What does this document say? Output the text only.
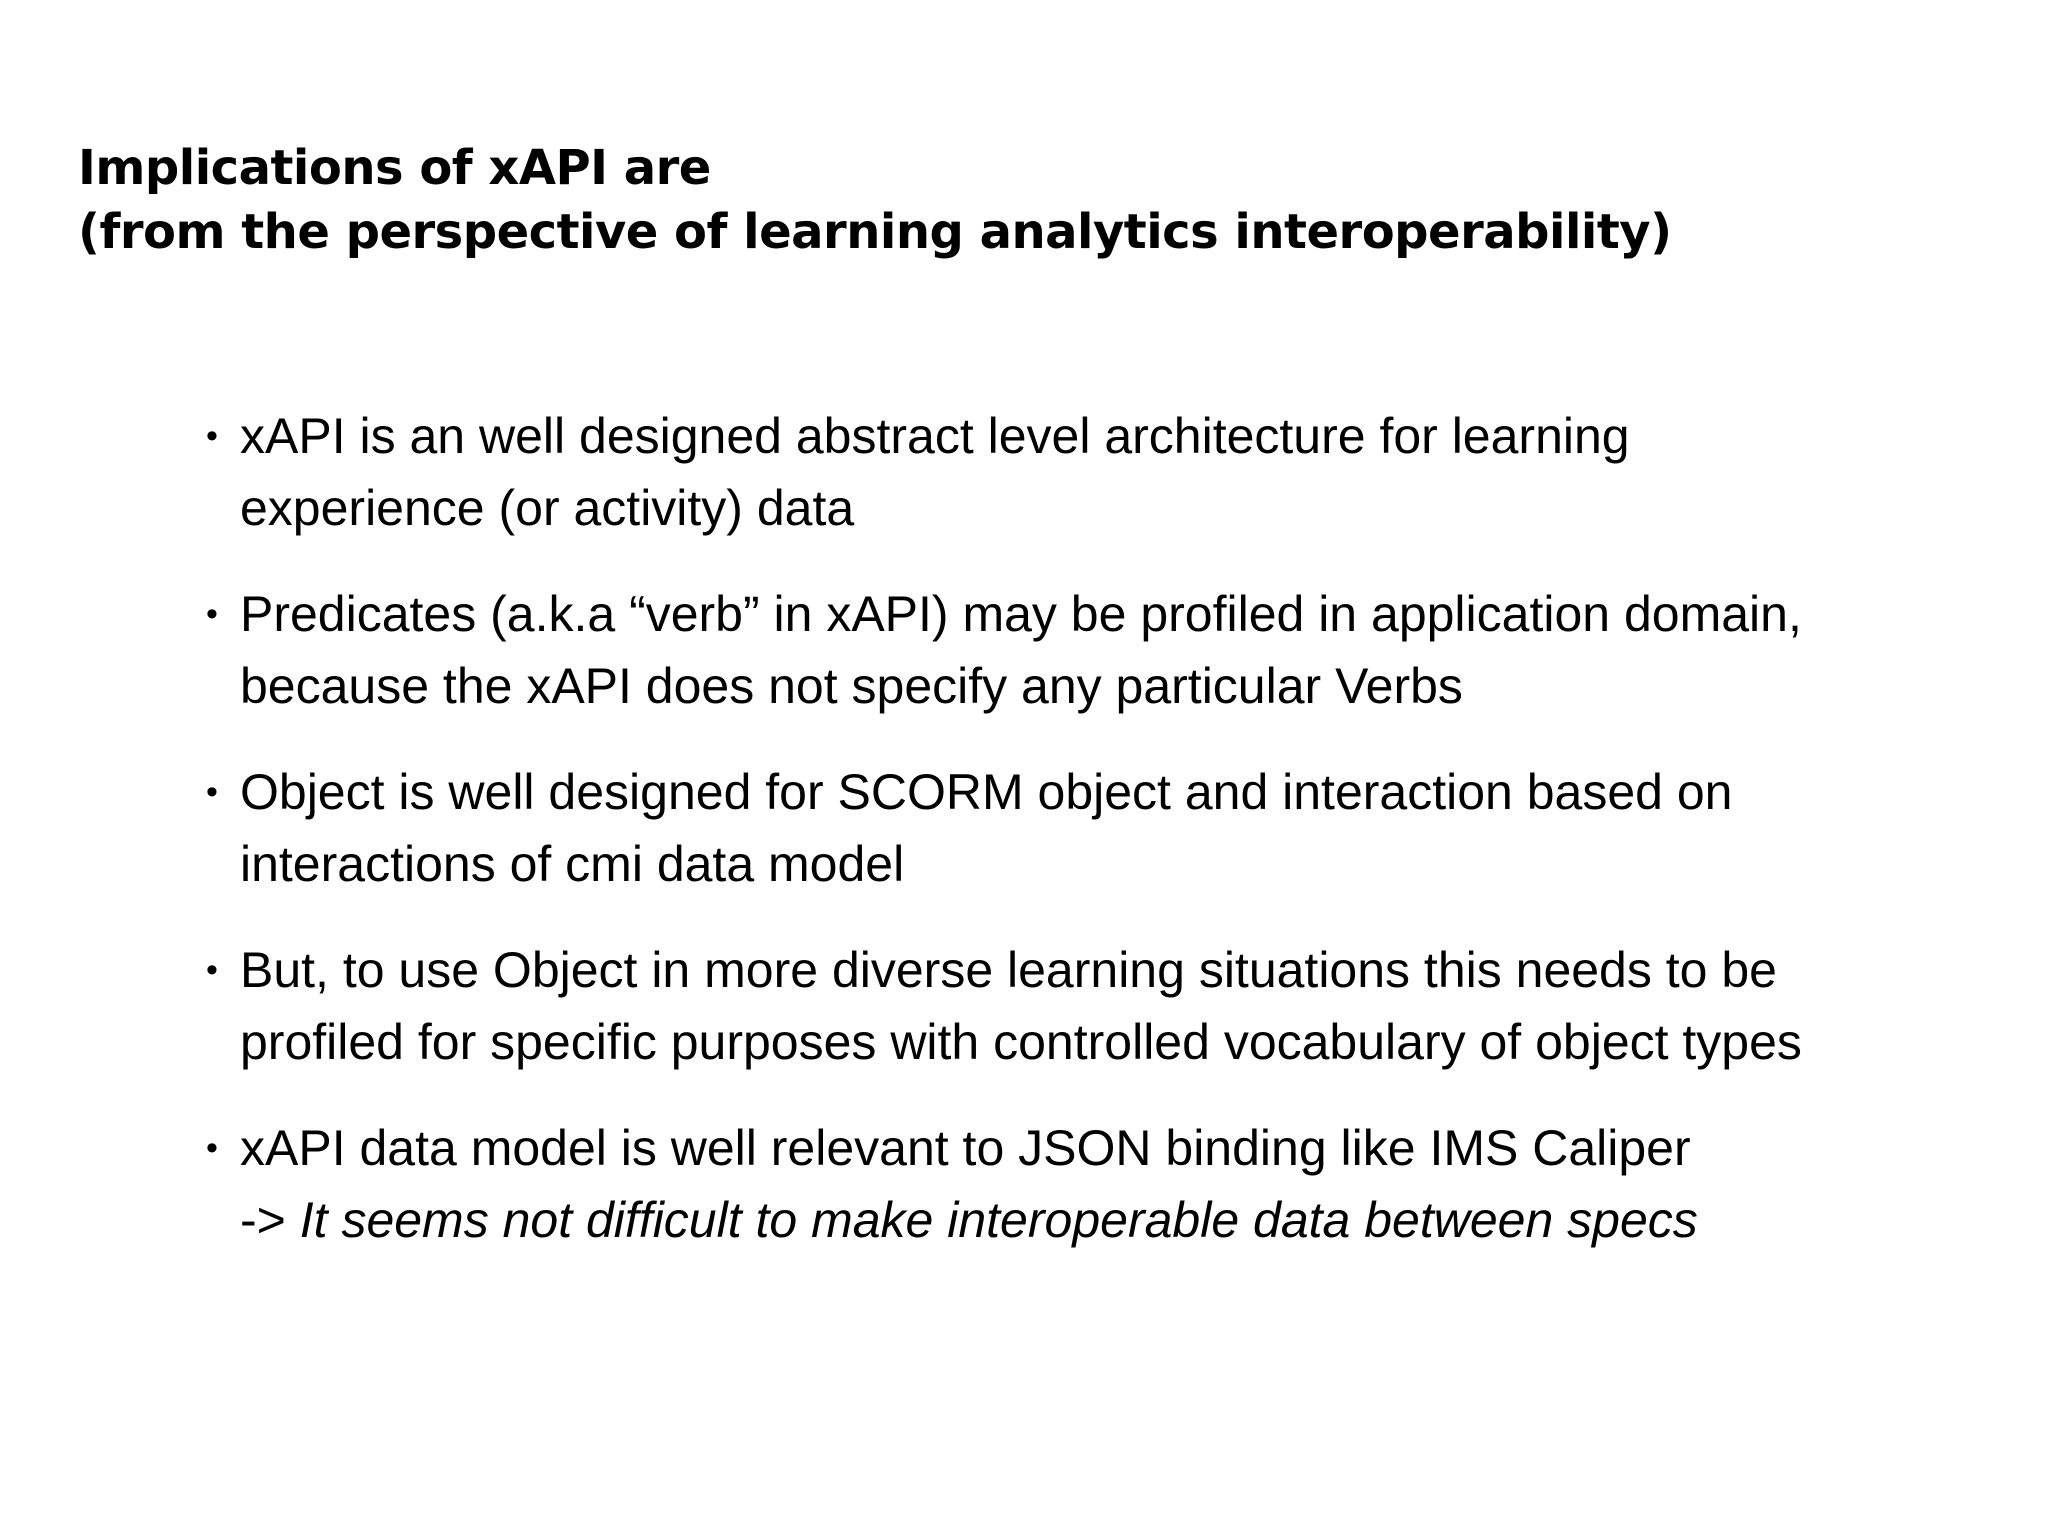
Implications of xAPI are
(from the perspective of learning analytics interoperability)
• xAPI is an well designed abstract level architecture for learning
experience (or activity) data
• Predicates (a.k.a “verb” in xAPI) may be profiled in application domain,
because the xAPI does not specify any particular Verbs
• Object is well designed for SCORM object and interaction based on
interactions of cmi data model
• But, to use Object in more diverse learning situations this needs to be
profiled for specific purposes with controlled vocabulary of object types
• xAPI data model is well relevant to JSON binding like IMS Caliper
-> It seems not difficult to make interoperable data between specs
